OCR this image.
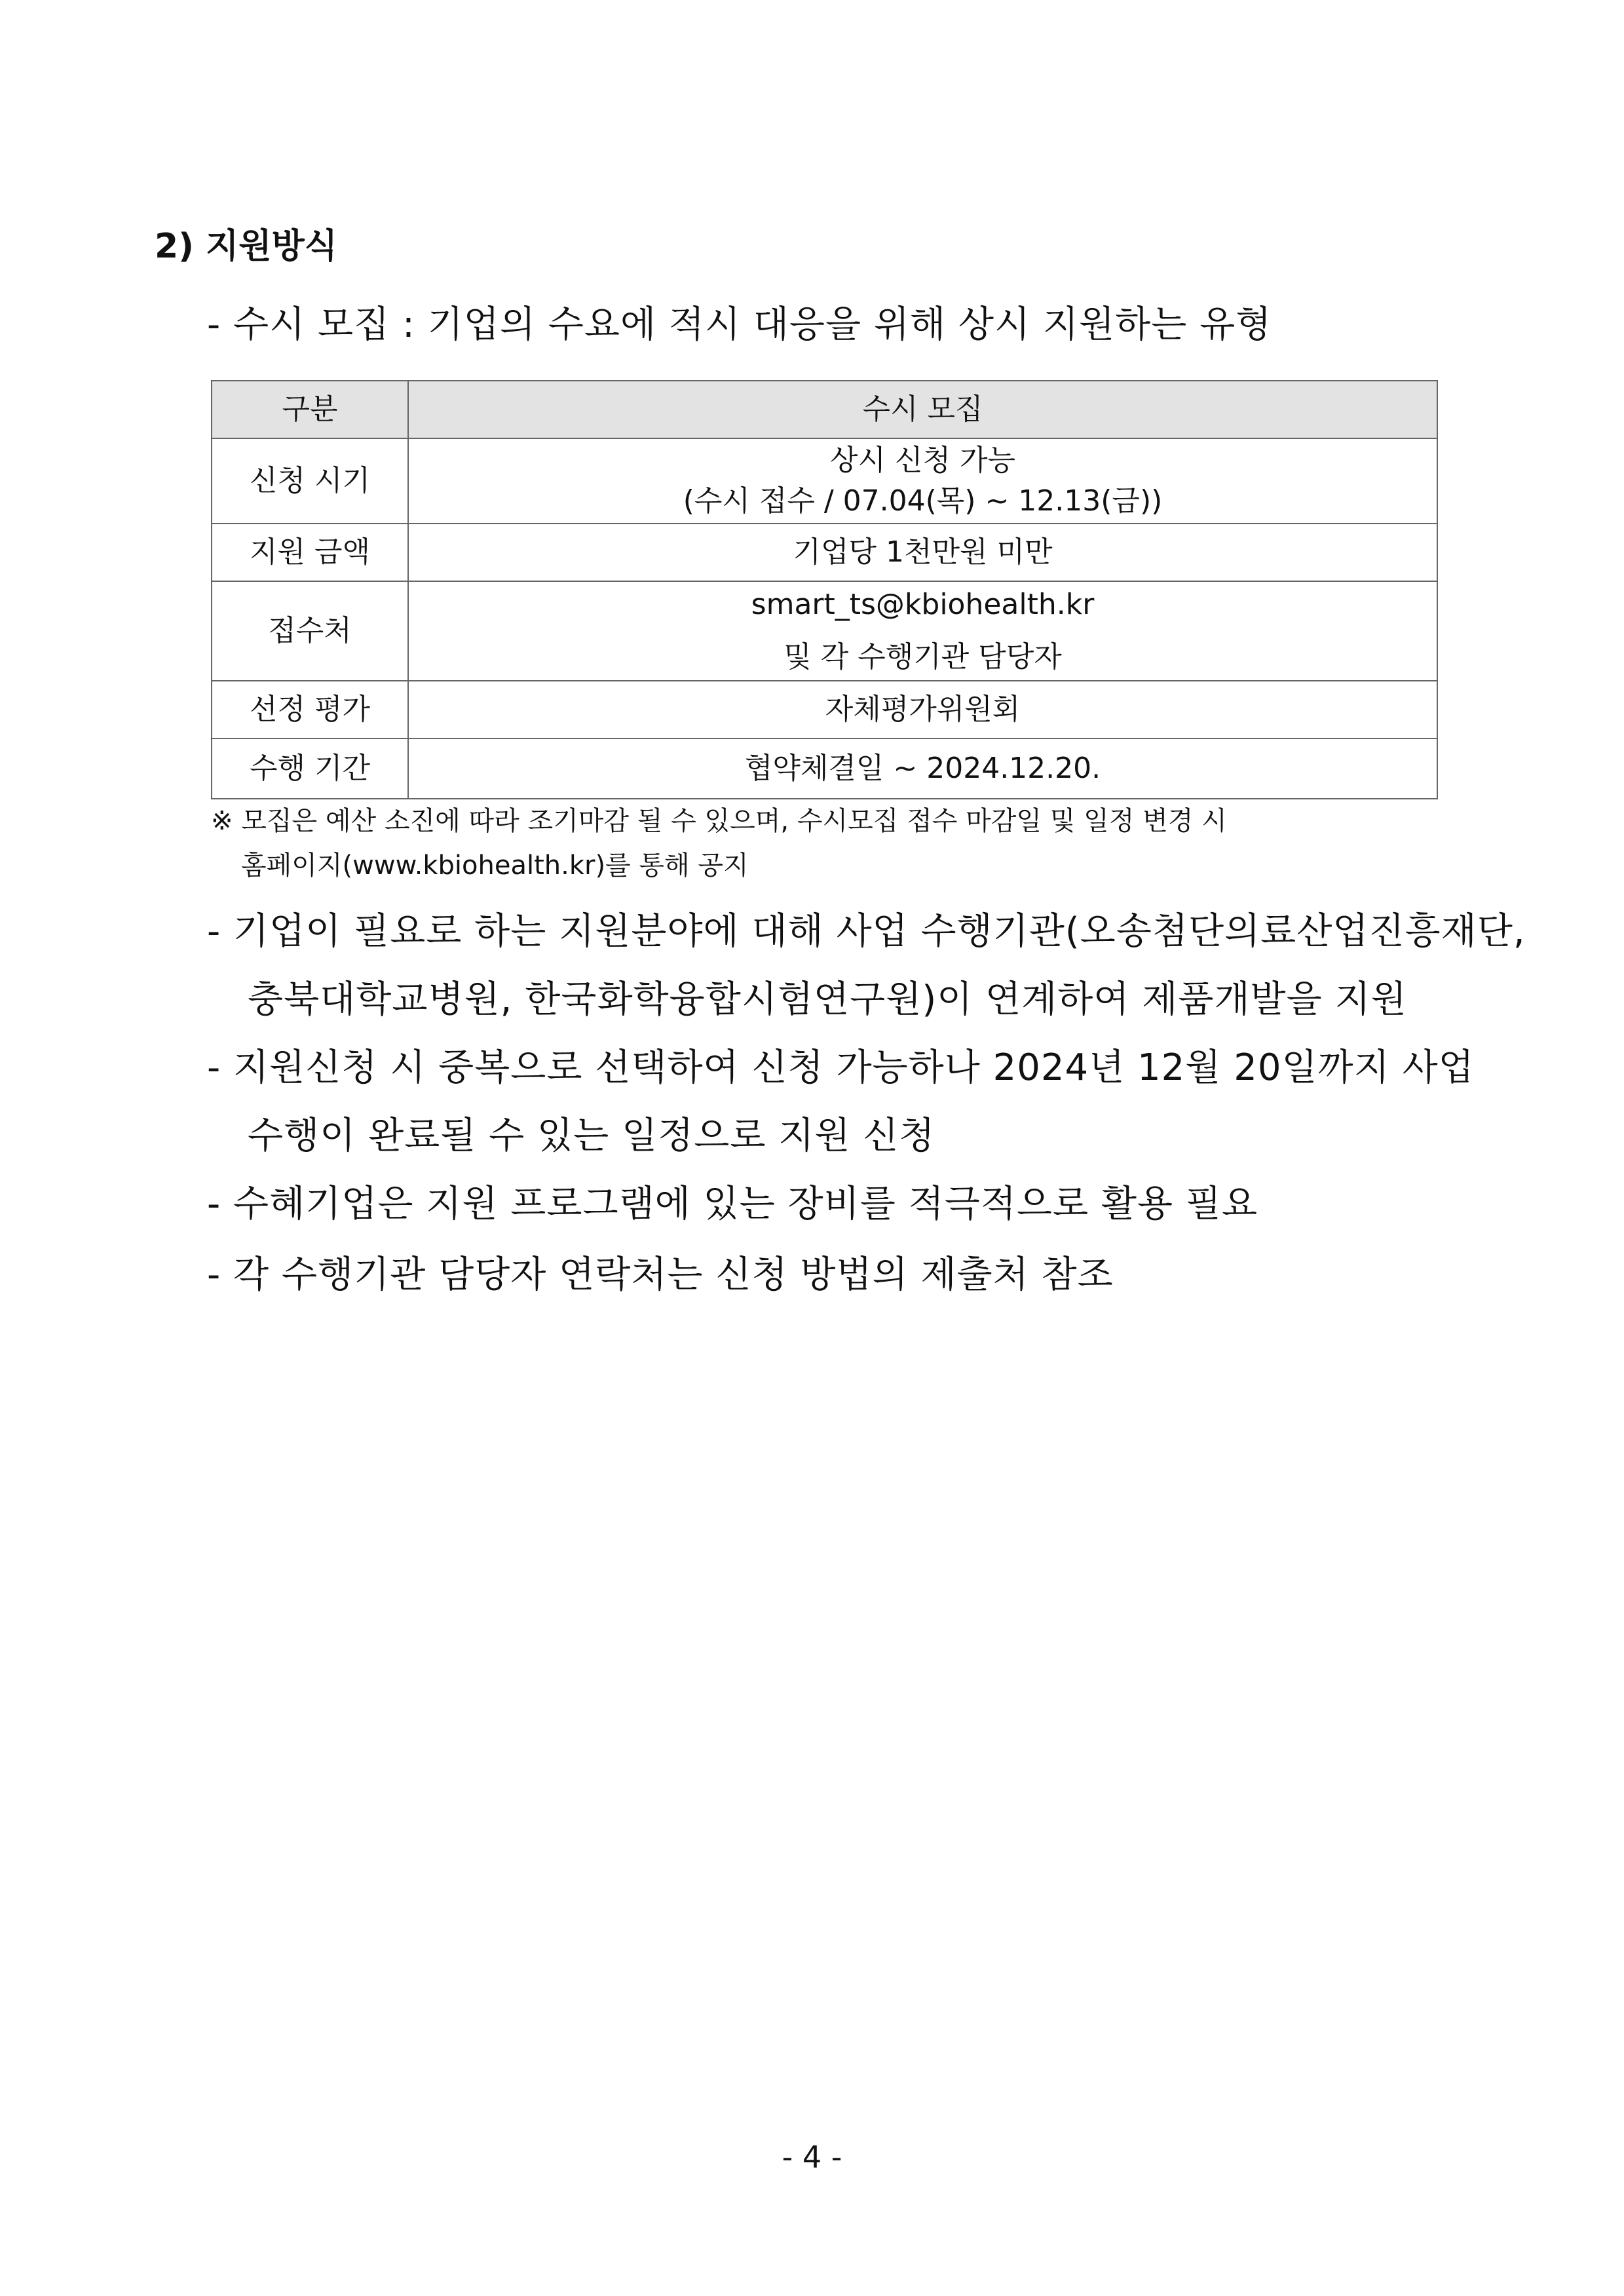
2) 지원방식
- 수시 모집 : 기업의 수요에 적시 대응을 위해 상시 지원하는 유형
구분	수시 모집
신청 시기	상시 신청 가능
(수시 접수 / 07.04(목) ~ 12.13(금))

지원 금액	기업당 1천만원 미만

접수처	smart_ts@kbiohealth.kr
및 각 수행기관 담당자

선정 평가	자체평가위원회

수행 기간	협약체결일 ~ 2024.12.20.
※ 모집은 예산 소진에 따라 조기마감 될 수 있으며, 수시모집 접수 마감일 및 일정 변경 시
홈페이지(www.kbiohealth.kr)를 통해 공지
- 기업이 필요로 하는 지원분야에 대해 사업 수행기관(오송첨단의료산업진흥재단,
충북대학교병원, 한국화학융합시험연구원)이 연계하여 제품개발을 지원
- 지원신청 시 중복으로 선택하여 신청 가능하나 2024년 12월 20일까지 사업
수행이 완료될 수 있는 일정으로 지원 신청
- 수혜기업은 지원 프로그램에 있는 장비를 적극적으로 활용 필요
- 각 수행기관 담당자 연락처는 신청 방법의 제출처 참조
- 4 -
